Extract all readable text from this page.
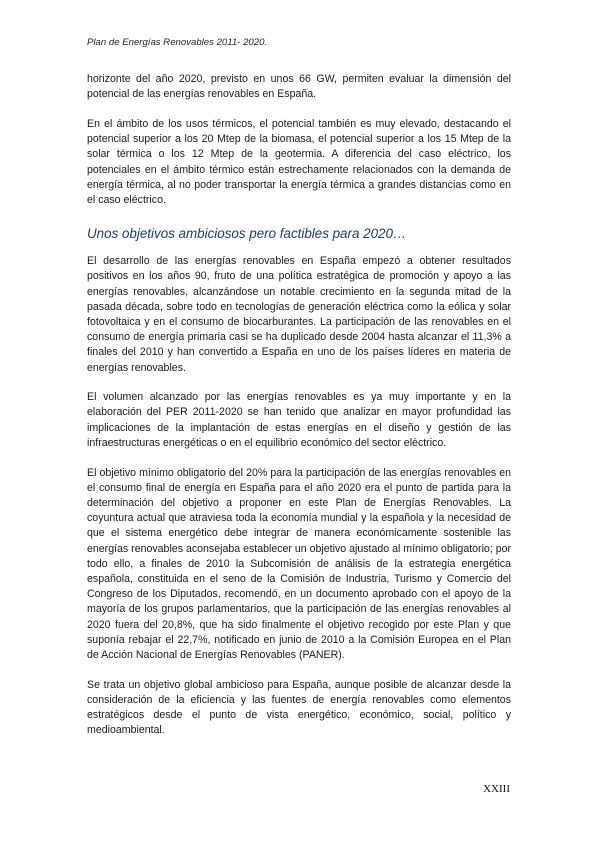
Plan de Energías Renovables 2011- 2020.

horizonte del año 2020, previsto en unos 66 GW, permiten evaluar la dimensión del potencial de las energías renovables en España.

En el ámbito de los usos térmicos, el potencial también es muy elevado, destacando el potencial superior a los 20 Mtep de la biomasa, el potencial superior a los 15 Mtep de la solar térmica o los 12 Mtep de la geotermia. A diferencia del caso eléctrico, los potenciales en el ámbito térmico están estrechamente relacionados con la demanda de energía térmica, al no poder transportar la energía térmica a grandes distancias como en el caso eléctrico.

Unos objetivos ambiciosos pero factibles para 2020…

El desarrollo de las energías renovables en España empezó a obtener resultados positivos en los años 90, fruto de una política estratégica de promoción y apoyo a las energías renovables, alcanzándose un notable crecimiento en la segunda mitad de la pasada década, sobre todo en tecnologías de generación eléctrica como la eólica y solar fotovoltaica y en el consumo de biocarburantes. La participación de las renovables en el consumo de energía primaria casi se ha duplicado desde 2004 hasta alcanzar el 11,3% a finales del 2010 y han convertido a España en uno de los países líderes en materia de energías renovables.

El volumen alcanzado por las energías renovables es ya muy importante y en la elaboración del PER 2011-2020 se han tenido que analizar en mayor profundidad las implicaciones de la implantación de estas energías en el diseño y gestión de las infraestructuras energéticas o en el equilibrio económico del sector eléctrico.

El objetivo mínimo obligatorio del 20% para la participación de las energías renovables en el consumo final de energía en España para el año 2020 era el punto de partida para la determinación del objetivo a proponer en este Plan de Energías Renovables. La coyuntura actual que atraviesa toda la economía mundial y la española y la necesidad de que el sistema energético debe integrar de manera económicamente sostenible las energías renovables aconsejaba establecer un objetivo ajustado al mínimo obligatorio; por todo ello, a finales de 2010 la Subcomisión de análisis de la estrategia energética española, constituida en el seno de la Comisión de Industria, Turismo y Comercio del Congreso de los Diputados, recomendó, en un documento aprobado con el apoyo de la mayoría de los grupos parlamentarios, que la participación de las energías renovables al 2020 fuera del 20,8%, que ha sido finalmente el objetivo recogido por este Plan y que suponía rebajar el 22,7%, notificado en junio de 2010 a la Comisión Europea en el Plan de Acción Nacional de Energías Renovables (PANER).

Se trata un objetivo global ambicioso para España, aunque posible de alcanzar desde la consideración de la eficiencia y las fuentes de energía renovables como elementos estratégicos desde el punto de vista energético, económico, social, político y medioambiental.

XXIII
